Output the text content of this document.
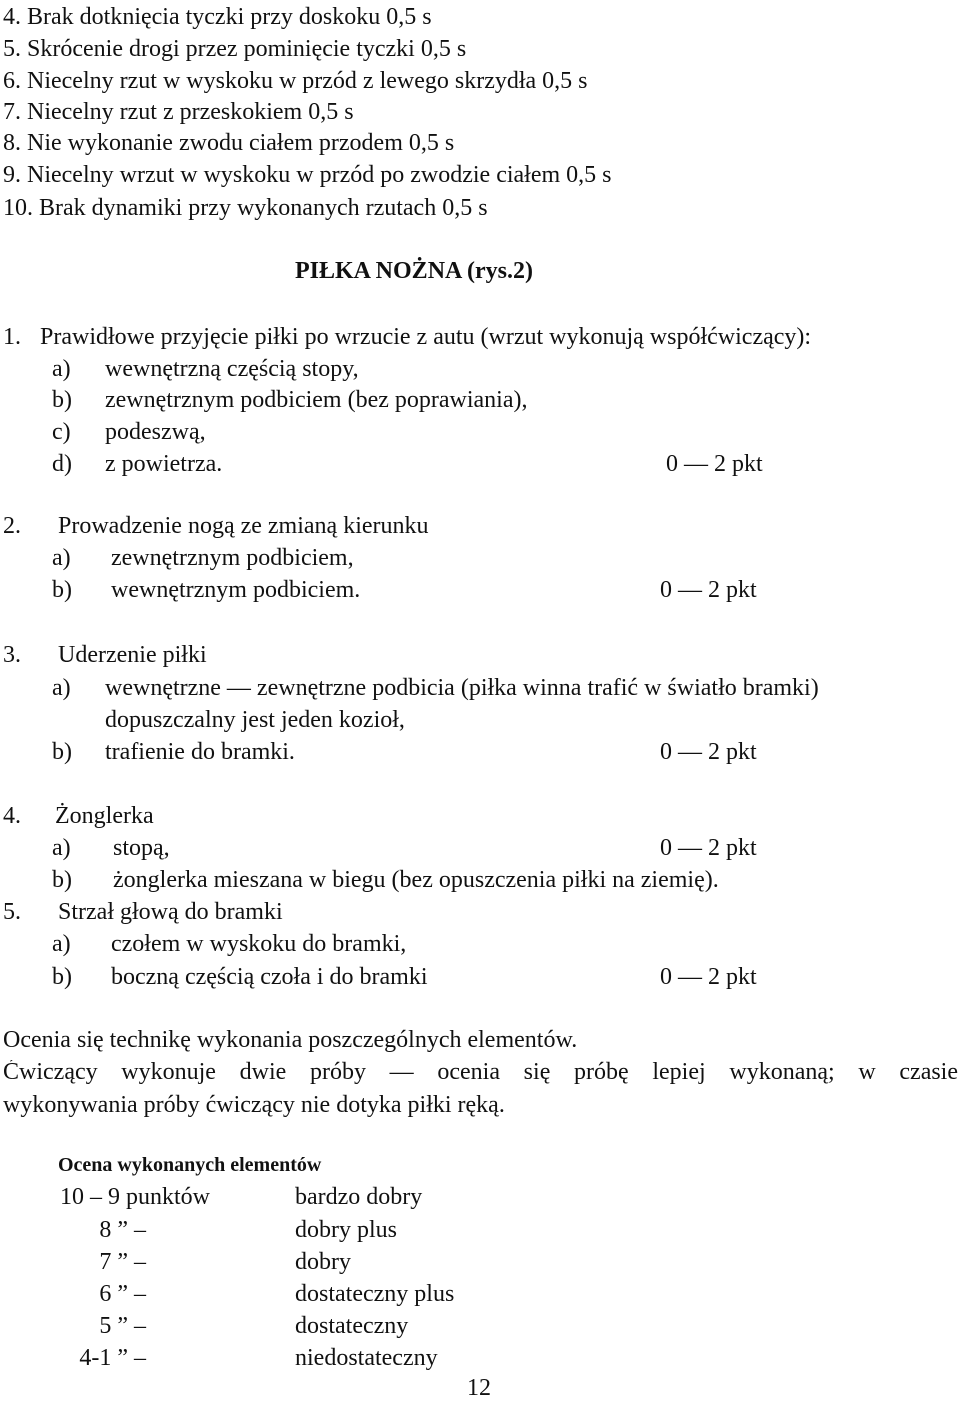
4. Brak dotknięcia tyczki przy doskoku 0,5 s
5. Skrócenie drogi przez pominięcie tyczki 0,5 s
6. Niecelny rzut w wyskoku w przód z lewego skrzydła 0,5 s
7. Niecelny rzut z przeskokiem 0,5 s
8. Nie wykonanie zwodu ciałem przodem 0,5 s
9. Niecelny wrzut w wyskoku w przód po zwodzie ciałem 0,5 s
10. Brak dynamiki przy wykonanych rzutach 0,5 s
PIŁKA NOŻNA (rys.2)
1. Prawidłowe przyjęcie piłki po wrzucie z autu (wrzut wykonują współćwiczący):
a) wewnętrzną częścią stopy,
b) zewnętrznym podbiciem (bez poprawiania),
c) podeszwą,
d) z powietrza.	0 — 2 pkt
2. Prowadzenie nogą ze zmianą kierunku
a) zewnętrznym podbiciem,
b) wewnętrznym podbiciem.	0 — 2 pkt
3. Uderzenie piłki
a) wewnętrzne — zewnętrzne podbicia (piłka winna trafić w światło bramki)
dopuszczalny jest jeden kozioł,
b) trafienie do bramki.	0 — 2 pkt
4. Żonglerka
a) stopą,	0 — 2 pkt
b) żonglerka mieszana w biegu (bez opuszczenia piłki na ziemię).
5. Strzał głową do bramki
a) czołem w wyskoku do bramki,
b) boczną częścią czoła i do bramki	0 — 2 pkt
Ocenia się technikę wykonania poszczególnych elementów.
Ćwiczący wykonuje dwie próby — ocenia się próbę lepiej wykonaną; w czasie
wykonywania próby ćwiczący nie dotyka piłki ręką.
Ocena wykonanych elementów
10 – 9 punktów	bardzo dobry
8 ” –	dobry plus
7 ” –	dobry
6 ” –	dostateczny plus
5 ” –	dostateczny
4-1 ” –	niedostateczny
12
